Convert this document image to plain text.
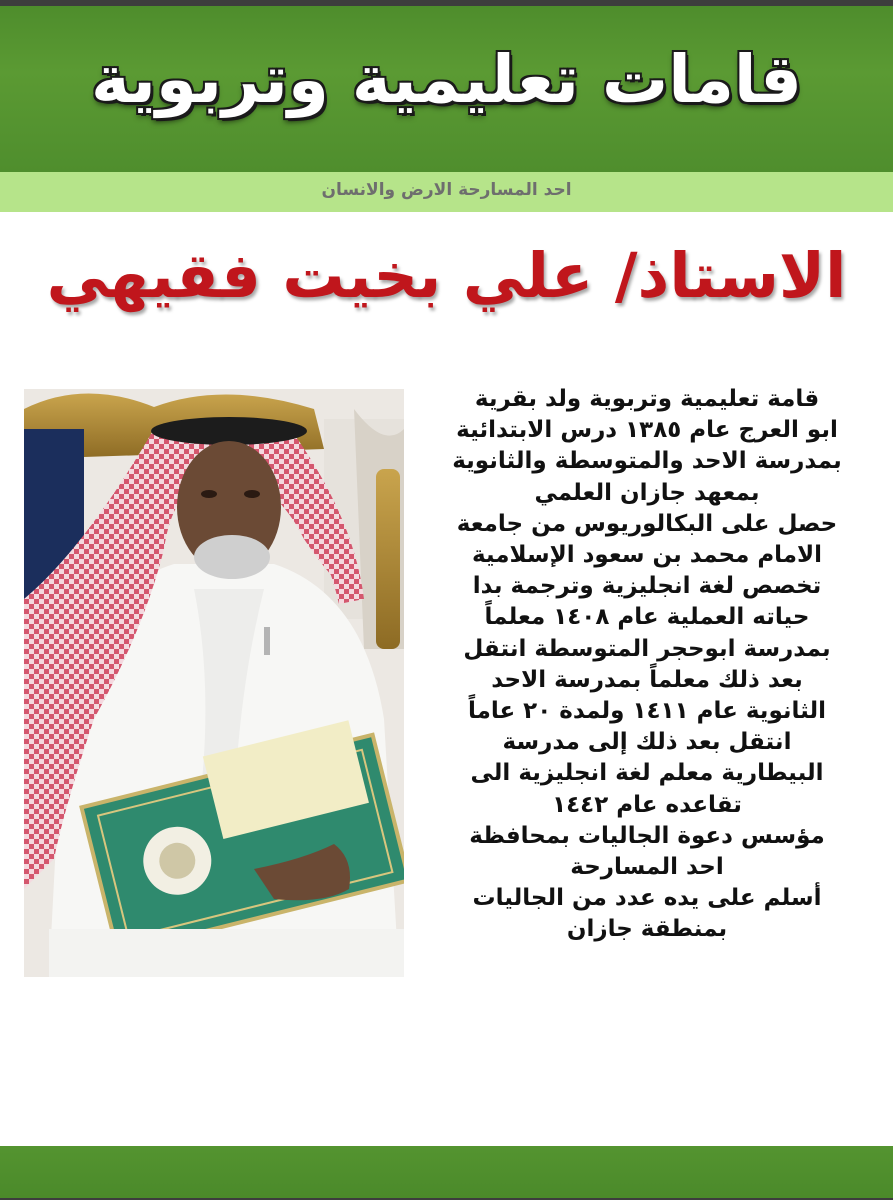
قامات تعليمية وتربوية
احد المسارحة الارض والانسان
الاستاذ/ علي بخيت فقيهي
قامة تعليمية وتربوية ولد بقرية
ابو العرج عام ١٣٨٥ درس الابتدائية
بمدرسة الاحد والمتوسطة والثانوية
بمعهد جازان العلمي
حصل على البكالوريوس من جامعة
الامام محمد بن سعود الإسلامية
تخصص لغة انجليزية وترجمة بدا
حياته العملية عام ١٤٠٨ معلماً
بمدرسة ابوحجر المتوسطة انتقل
بعد ذلك معلماً بمدرسة الاحد
الثانوية عام ١٤١١ ولمدة ٢٠ عاماً
انتقل بعد ذلك إلى مدرسة
البيطارية معلم لغة انجليزية الى
تقاعده عام ١٤٤٢
مؤسس دعوة الجاليات بمحافظة
احد المسارحة
أسلم على يده عدد من الجاليات
بمنطقة جازان
